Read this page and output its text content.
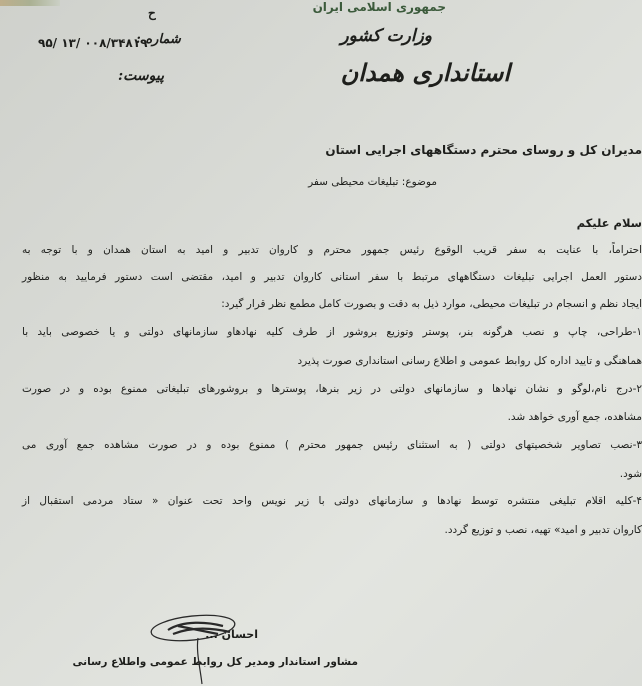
جمهوری اسلامی ایران
وزارت کشور
استانداری همدان
ح
شماره :
۹۵/ ۱۳/ ۰۰۸/۳۴۸۱۹
پیوست:
مدیران کل و روسای محترم دستگاههای اجرایی استان
موضوع: تبلیغات محیطی سفر
سلام علیکم
احتراماً، با عنایت به سفر قریب الوقوع رئیس جمهور محترم و کاروان تدبیر و امید به استان همدان و با توجه به
دستور العمل اجرایی تبلیغات دستگاههای مرتبط با سفر استانی کاروان تدبیر و امید، مقتضی است دستور فرمایید به منظور
ایجاد نظم و انسجام در تبلیغات محیطی، موارد ذیل به دقت و بصورت کامل مطمع نظر قرار گیرد:
۱-طراحی، چاپ و نصب هرگونه بنر، پوستر وتوزیع بروشور از طرف کلیه نهادهاو سازمانهای دولتی و یا خصوصی باید با
هماهنگی و تایید اداره کل روابط عمومی و اطلاع رسانی استانداری صورت پذیرد
۲-درج نام،لوگو و نشان نهادها و سازمانهای دولتی در زیر بنرها، پوسترها و بروشورهای تبلیغاتی ممنوع بوده و در صورت
مشاهده، جمع آوری خواهد شد.
۳-نصب تصاویر شخصیتهای دولتی ( به استثنای رئیس جمهور محترم ) ممنوع بوده و در صورت مشاهده جمع آوری می
شود.
۴-کلیه اقلام تبلیغی منتشره توسط نهادها و سازمانهای دولتی با زیر نویس واحد تحت عنوان « ستاد مردمی استقبال از
کاروان تدبیر و امید» تهیه، نصب و توزیع گردد.
احسان ...
مشاور استاندار ومدیر کل روابط عمومی واطلاع رسانی
